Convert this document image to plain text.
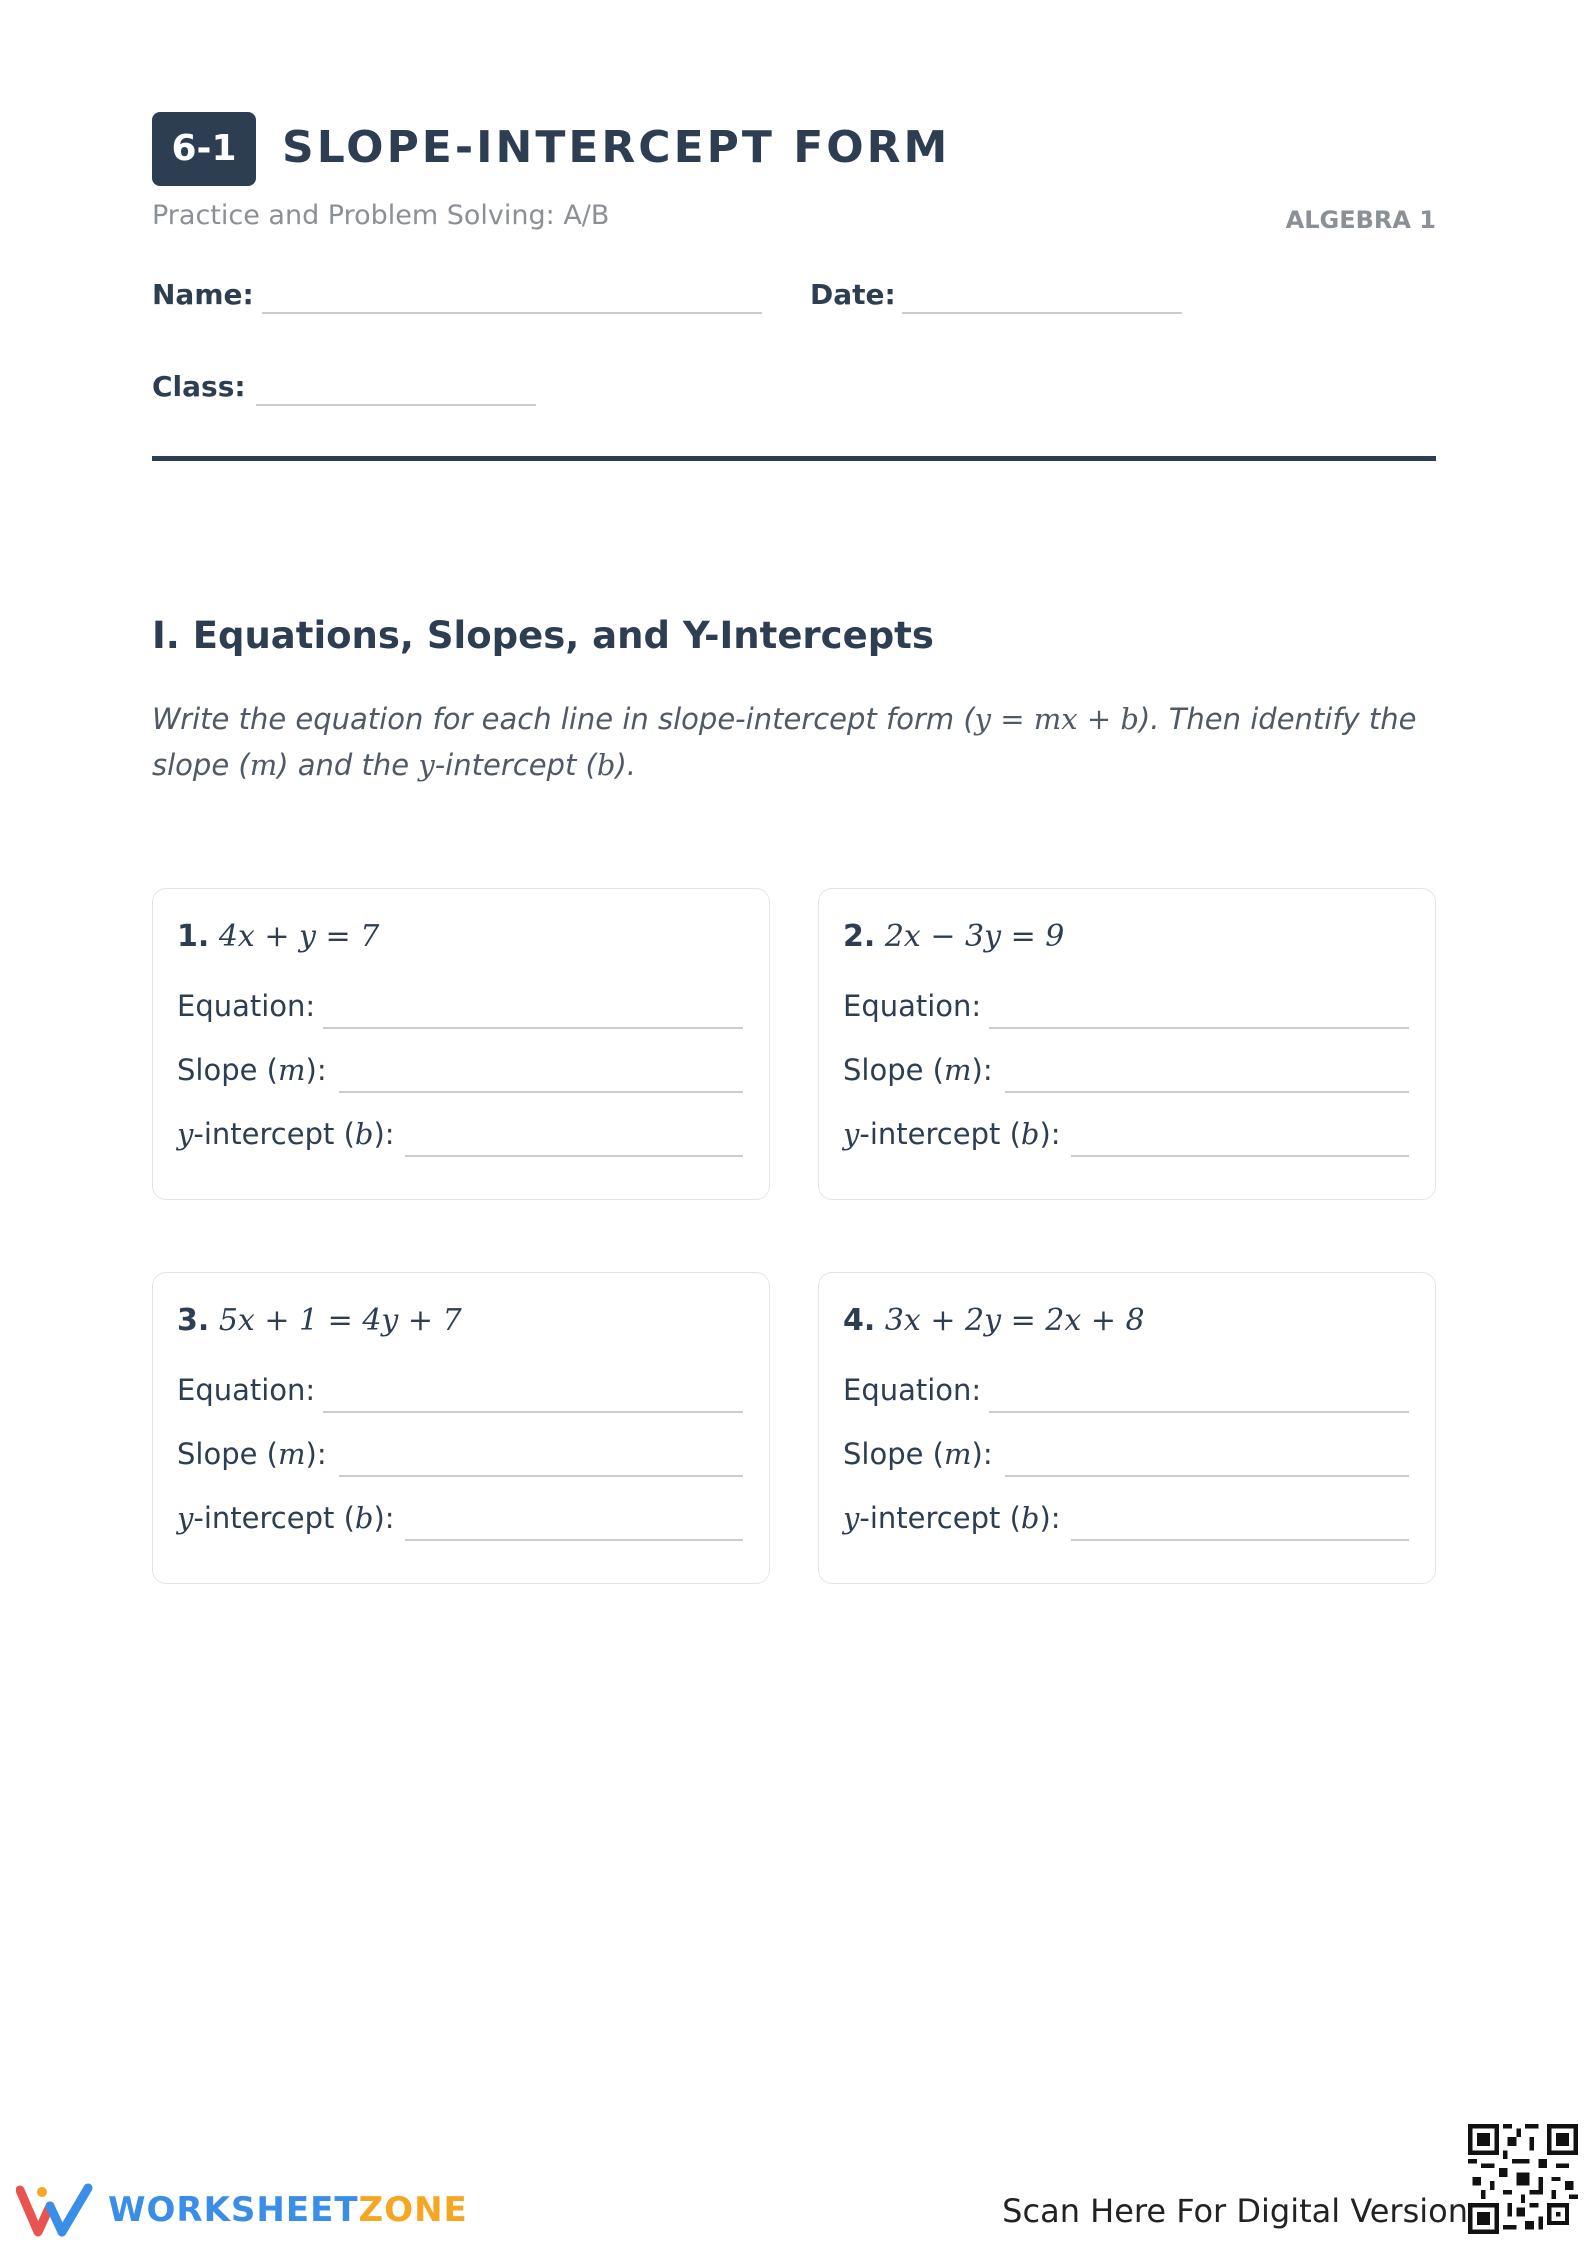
6-1	SLOPE-INTERCEPT FORM
Practice and Problem Solving: A/B	ALGEBRA 1
Name:	Date:
Class:
I. Equations, Slopes, and Y-Intercepts
Write the equation for each line in slope-intercept form (y = mx + b). Then identify the
slope (m) and the y-intercept (b).
1. 4x + y = 7
Equation:
Slope (m):
y-intercept (b):
2. 2x − 3y = 9
Equation:
Slope (m):
y-intercept (b):
3. 5x + 1 = 4y + 7
Equation:
Slope (m):
y-intercept (b):
4. 3x + 2y = 2x + 8
Equation:
Slope (m):
y-intercept (b):
WORKSHEETZONE	Scan Here For Digital Version
